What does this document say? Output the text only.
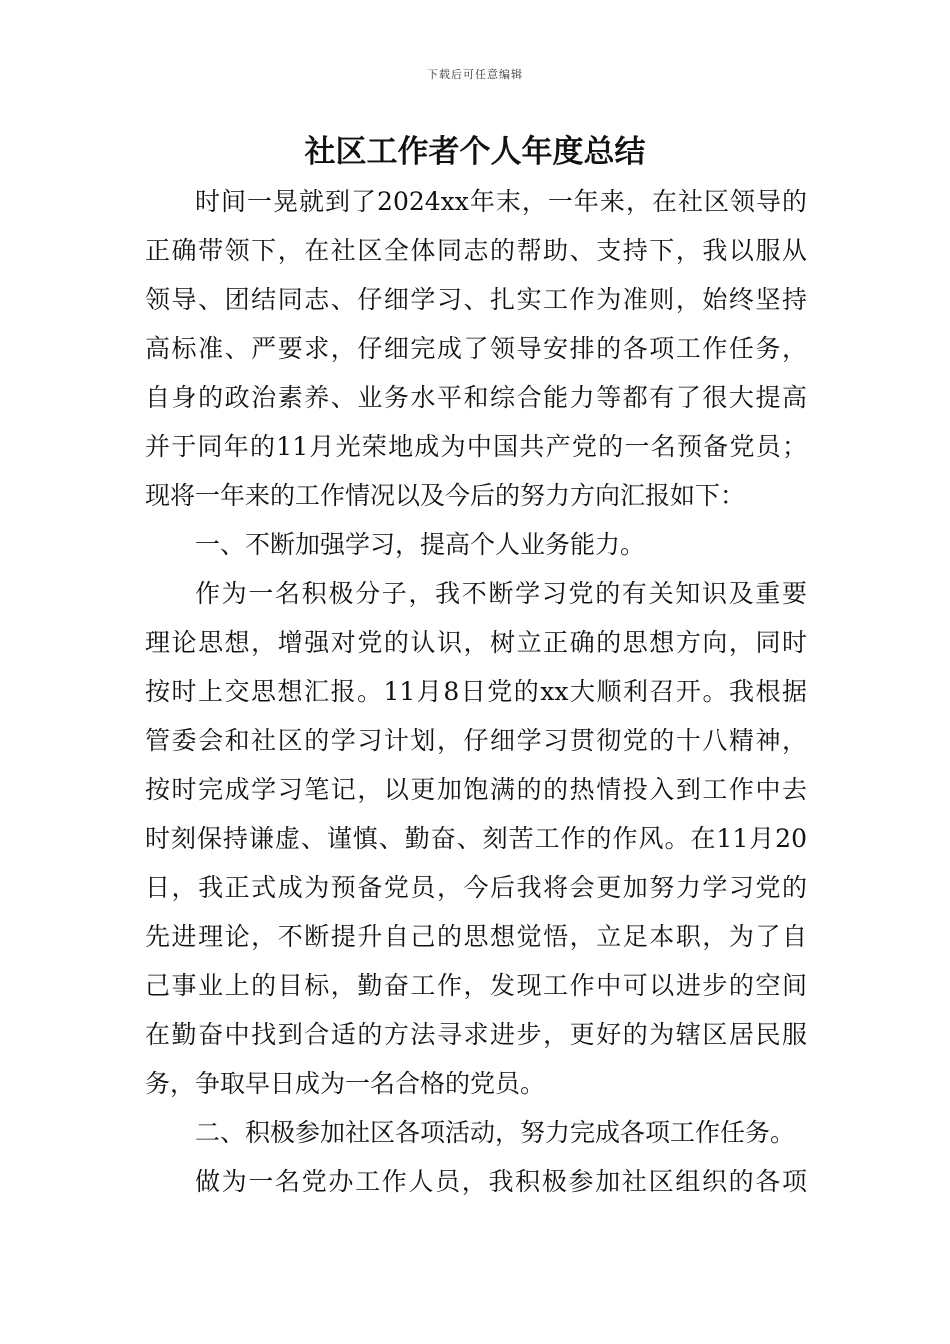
下载后可任意编辑
社区工作者个人年度总结
时间一晃就到了2024xx年末，一年来，在社区领导的
正确带领下，在社区全体同志的帮助、支持下，我以服从
领导、团结同志、仔细学习、扎实工作为准则，始终坚持
高标准、严要求，仔细完成了领导安排的各项工作任务，
自身的政治素养、业务水平和综合能力等都有了很大提高
并于同年的11月光荣地成为中国共产党的一名预备党员；
现将一年来的工作情况以及今后的努力方向汇报如下：
一、不断加强学习，提高个人业务能力。
作为一名积极分子，我不断学习党的有关知识及重要
理论思想，增强对党的认识，树立正确的思想方向，同时
按时上交思想汇报。11月8日党的xx大顺利召开。我根据
管委会和社区的学习计划，仔细学习贯彻党的十八精神，
按时完成学习笔记，以更加饱满的的热情投入到工作中去
时刻保持谦虚、谨慎、勤奋、刻苦工作的作风。在11月20
日，我正式成为预备党员，今后我将会更加努力学习党的
先进理论，不断提升自己的思想觉悟，立足本职，为了自
己事业上的目标，勤奋工作，发现工作中可以进步的空间
在勤奋中找到合适的方法寻求进步，更好的为辖区居民服
务，争取早日成为一名合格的党员。
二、积极参加社区各项活动，努力完成各项工作任务。
做为一名党办工作人员，我积极参加社区组织的各项
